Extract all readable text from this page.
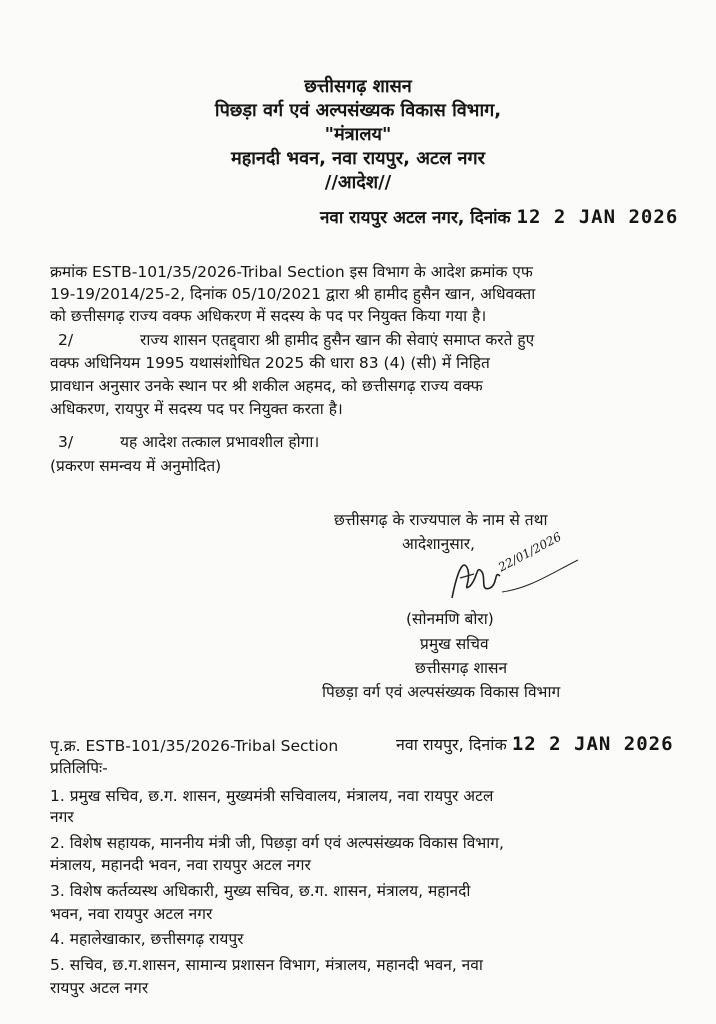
छत्तीसगढ़ शासन
पिछड़ा वर्ग एवं अल्पसंख्यक विकास विभाग,
"मंत्रालय"
महानदी भवन, नवा रायपुर, अटल नगर
//आदेश//
नवा रायपुर अटल नगर, दिनांक 12 2 JAN 2026
क्रमांक ESTB-101/35/2026-Tribal Section इस विभाग के आदेश क्रमांक एफ
19-19/2014/25-2, दिनांक 05/10/2021 द्वारा श्री हामीद हुसैन खान, अधिवक्ता
को छत्तीसगढ़ राज्य वक्फ अधिकरण में सदस्य के पद पर नियुक्त किया गया है।
2/	राज्य शासन एतद्द्वारा श्री हामीद हुसैन खान की सेवाएं समाप्त करते हुए
वक्फ अधिनियम 1995 यथासंशोधित 2025 की धारा 83 (4) (सी) में निहित
प्रावधान अनुसार उनके स्थान पर श्री शकील अहमद, को छत्तीसगढ़ राज्य वक्फ
अधिकरण, रायपुर में सदस्य पद पर नियुक्त करता है।
3/	यह आदेश तत्काल प्रभावशील होगा।
(प्रकरण समन्वय में अनुमोदित)
छत्तीसगढ़ के राज्यपाल के नाम से तथा
आदेशानुसार, 22/01/2026
(सोनमणि बोरा)
प्रमुख सचिव
छत्तीसगढ़ शासन
पिछड़ा वर्ग एवं अल्पसंख्यक विकास विभाग
पृ.क्र. ESTB-101/35/2026-Tribal Section	नवा रायपुर, दिनांक 12 2 JAN 2026
प्रतिलिपिः-
1. प्रमुख सचिव, छ.ग. शासन, मुख्यमंत्री सचिवालय, मंत्रालय, नवा रायपुर अटल
नगर
2. विशेष सहायक, माननीय मंत्री जी, पिछड़ा वर्ग एवं अल्पसंख्यक विकास विभाग,
मंत्रालय, महानदी भवन, नवा रायपुर अटल नगर
3. विशेष कर्तव्यस्थ अधिकारी, मुख्य सचिव, छ.ग. शासन, मंत्रालय, महानदी
भवन, नवा रायपुर अटल नगर
4. महालेखाकार, छत्तीसगढ़ रायपुर
5. सचिव, छ.ग.शासन, सामान्य प्रशासन विभाग, मंत्रालय, महानदी भवन, नवा
रायपुर अटल नगर
